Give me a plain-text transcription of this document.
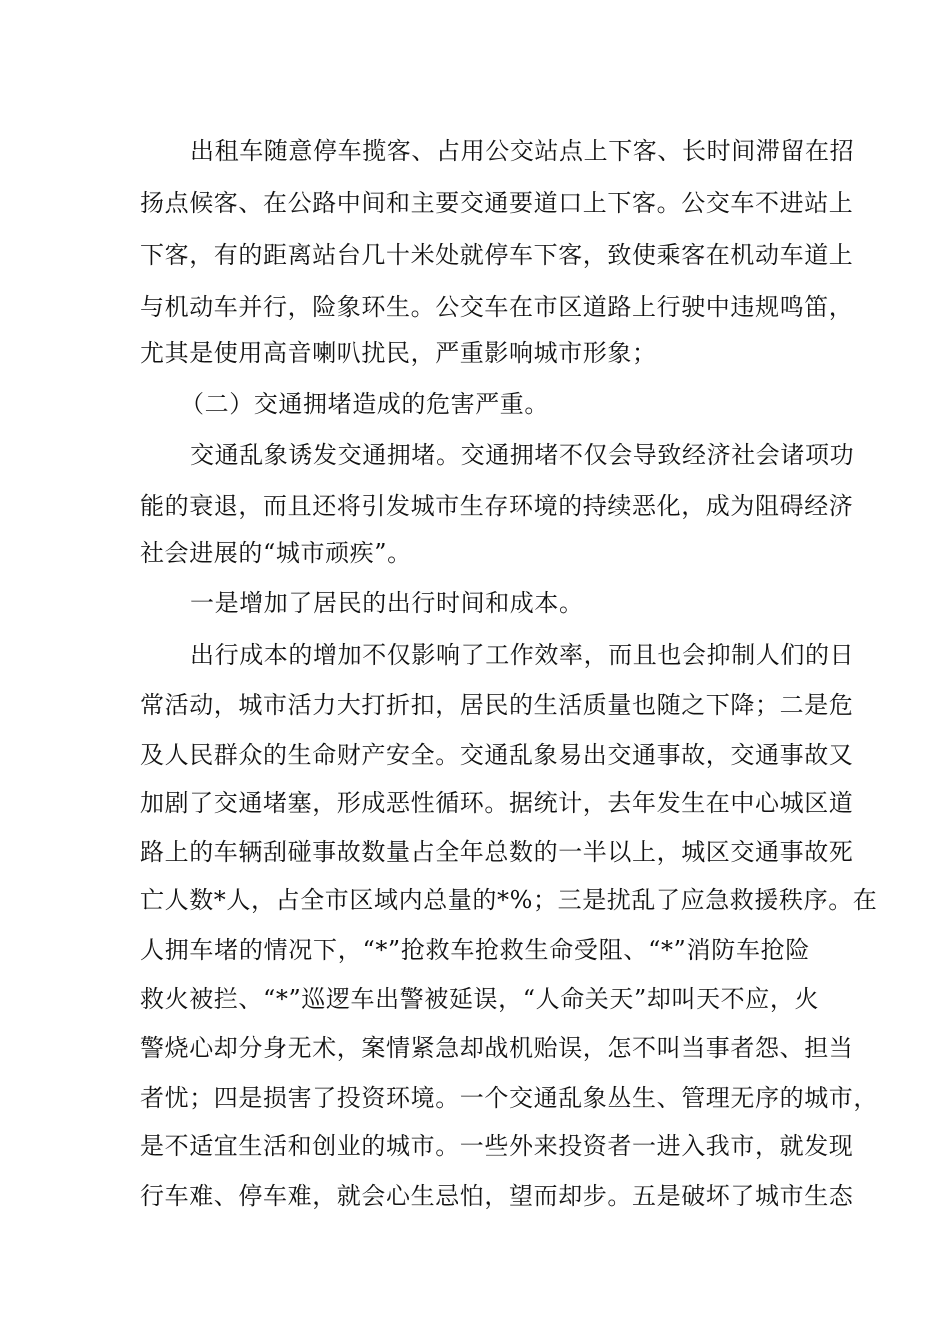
出租车随意停车揽客、占用公交站点上下客、长时间滞留在招
扬点候客、在公路中间和主要交通要道口上下客。公交车不进站上
下客，有的距离站台几十米处就停车下客，致使乘客在机动车道上
与机动车并行，险象环生。公交车在市区道路上行驶中违规鸣笛，
尤其是使用高音喇叭扰民，严重影响城市形象；
（二）交通拥堵造成的危害严重。
交通乱象诱发交通拥堵。交通拥堵不仅会导致经济社会诸项功
能的衰退，而且还将引发城市生存环境的持续恶化，成为阻碍经济
社会进展的“城市顽疾”。
一是增加了居民的出行时间和成本。
出行成本的增加不仅影响了工作效率，而且也会抑制人们的日
常活动，城市活力大打折扣，居民的生活质量也随之下降；二是危
及人民群众的生命财产安全。交通乱象易出交通事故，交通事故又
加剧了交通堵塞，形成恶性循环。据统计，去年发生在中心城区道
路上的车辆刮碰事故数量占全年总数的一半以上，城区交通事故死
亡人数*人，占全市区域内总量的*%；三是扰乱了应急救援秩序。在
人拥车堵的情况下，“*”抢救车抢救生命受阻、“*”消防车抢险
救火被拦、“*”巡逻车出警被延误，“人命关天”却叫天不应，火
警烧心却分身无术，案情紧急却战机贻误，怎不叫当事者怨、担当
者忧；四是损害了投资环境。一个交通乱象丛生、管理无序的城市，
是不适宜生活和创业的城市。一些外来投资者一进入我市，就发现
行车难、停车难，就会心生忌怕，望而却步。五是破坏了城市生态
